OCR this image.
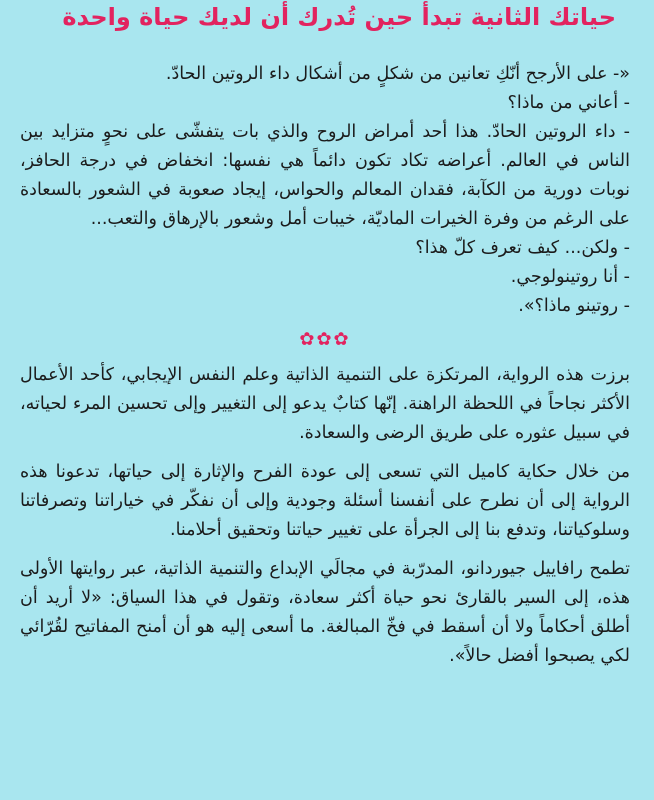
حياتك الثانية تبدأ حين تُدرك أن لديك حياة واحدة

«- على الأرجح أنّكِ تعانين من شكلٍ من أشكال داء الروتين الحادّ.

- أعاني من ماذا؟

- داء الروتين الحادّ. هذا أحد أمراض الروح والذي بات يتفشّى على نحوٍ متزايد بين الناس في العالم. أعراضه تكاد تكون دائماً هي نفسها: انخفاض في درجة الحافز، نوبات دورية من الكآبة، فقدان المعالم والحواس، إيجاد صعوبة في الشعور بالسعادة على الرغم من وفرة الخيرات الماديّة، خيبات أمل وشعور بالإرهاق والتعب...

- ولكن... كيف تعرف كلّ هذا؟

- أنا روتينولوجي.

- روتينو ماذا؟».

✿✿✿

برزت هذه الرواية، المرتكزة على التنمية الذاتية وعلم النفس الإيجابي، كأحد الأعمال الأكثر نجاحاً في اللحظة الراهنة. إنّها كتابٌ يدعو إلى التغيير وإلى تحسين المرء لحياته، في سبيل عثوره على طريق الرضى والسعادة.

من خلال حكاية كاميل التي تسعى إلى عودة الفرح والإثارة إلى حياتها، تدعونا هذه الرواية إلى أن نطرح على أنفسنا أسئلة وجودية وإلى أن نفكّر في خياراتنا وتصرفاتنا وسلوكياتنا، وتدفع بنا إلى الجرأة على تغيير حياتنا وتحقيق أحلامنا.

تطمح رافاييل جيوردانو، المدرّبة في مجالَي الإبداع والتنمية الذاتية، عبر روايتها الأولى هذه، إلى السير بالقارئ نحو حياة أكثر سعادة، وتقول في هذا السياق: «لا أريد أن أطلق أحكاماً ولا أن أسقط في فخّ المبالغة. ما أسعى إليه هو أن أمنح المفاتيح لقُرّائي لكي يصبحوا أفضل حالاً».
